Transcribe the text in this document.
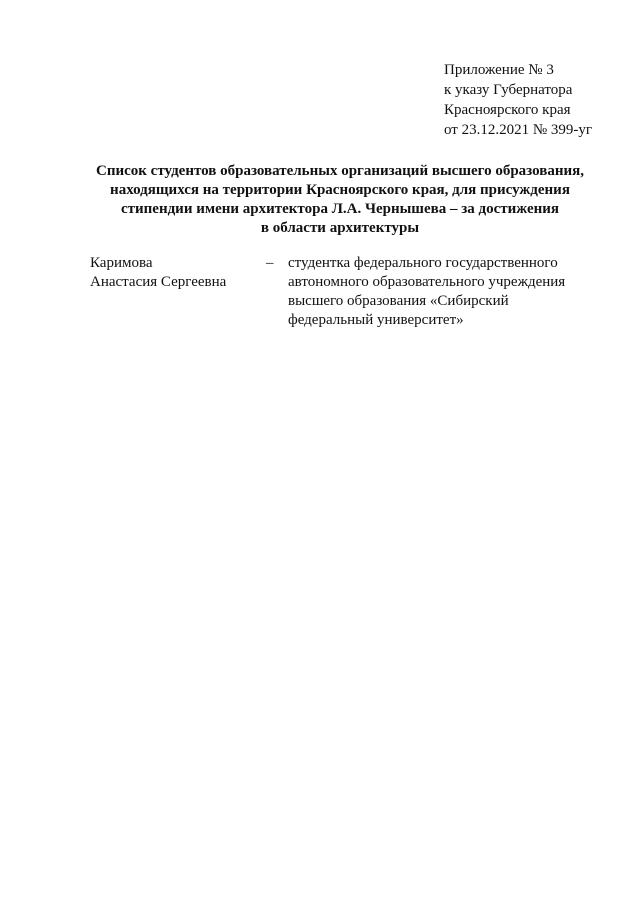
Приложение № 3
к указу Губернатора
Красноярского края
от 23.12.2021 № 399-уг
Список студентов образовательных организаций высшего образования,
находящихся на территории Красноярского края, для присуждения
стипендии имени архитектора Л.А. Чернышева – за достижения
в области архитектуры
Каримова
Анастасия Сергеевна
– студентка федерального государственного
автономного образовательного учреждения
высшего образования «Сибирский
федеральный университет»
